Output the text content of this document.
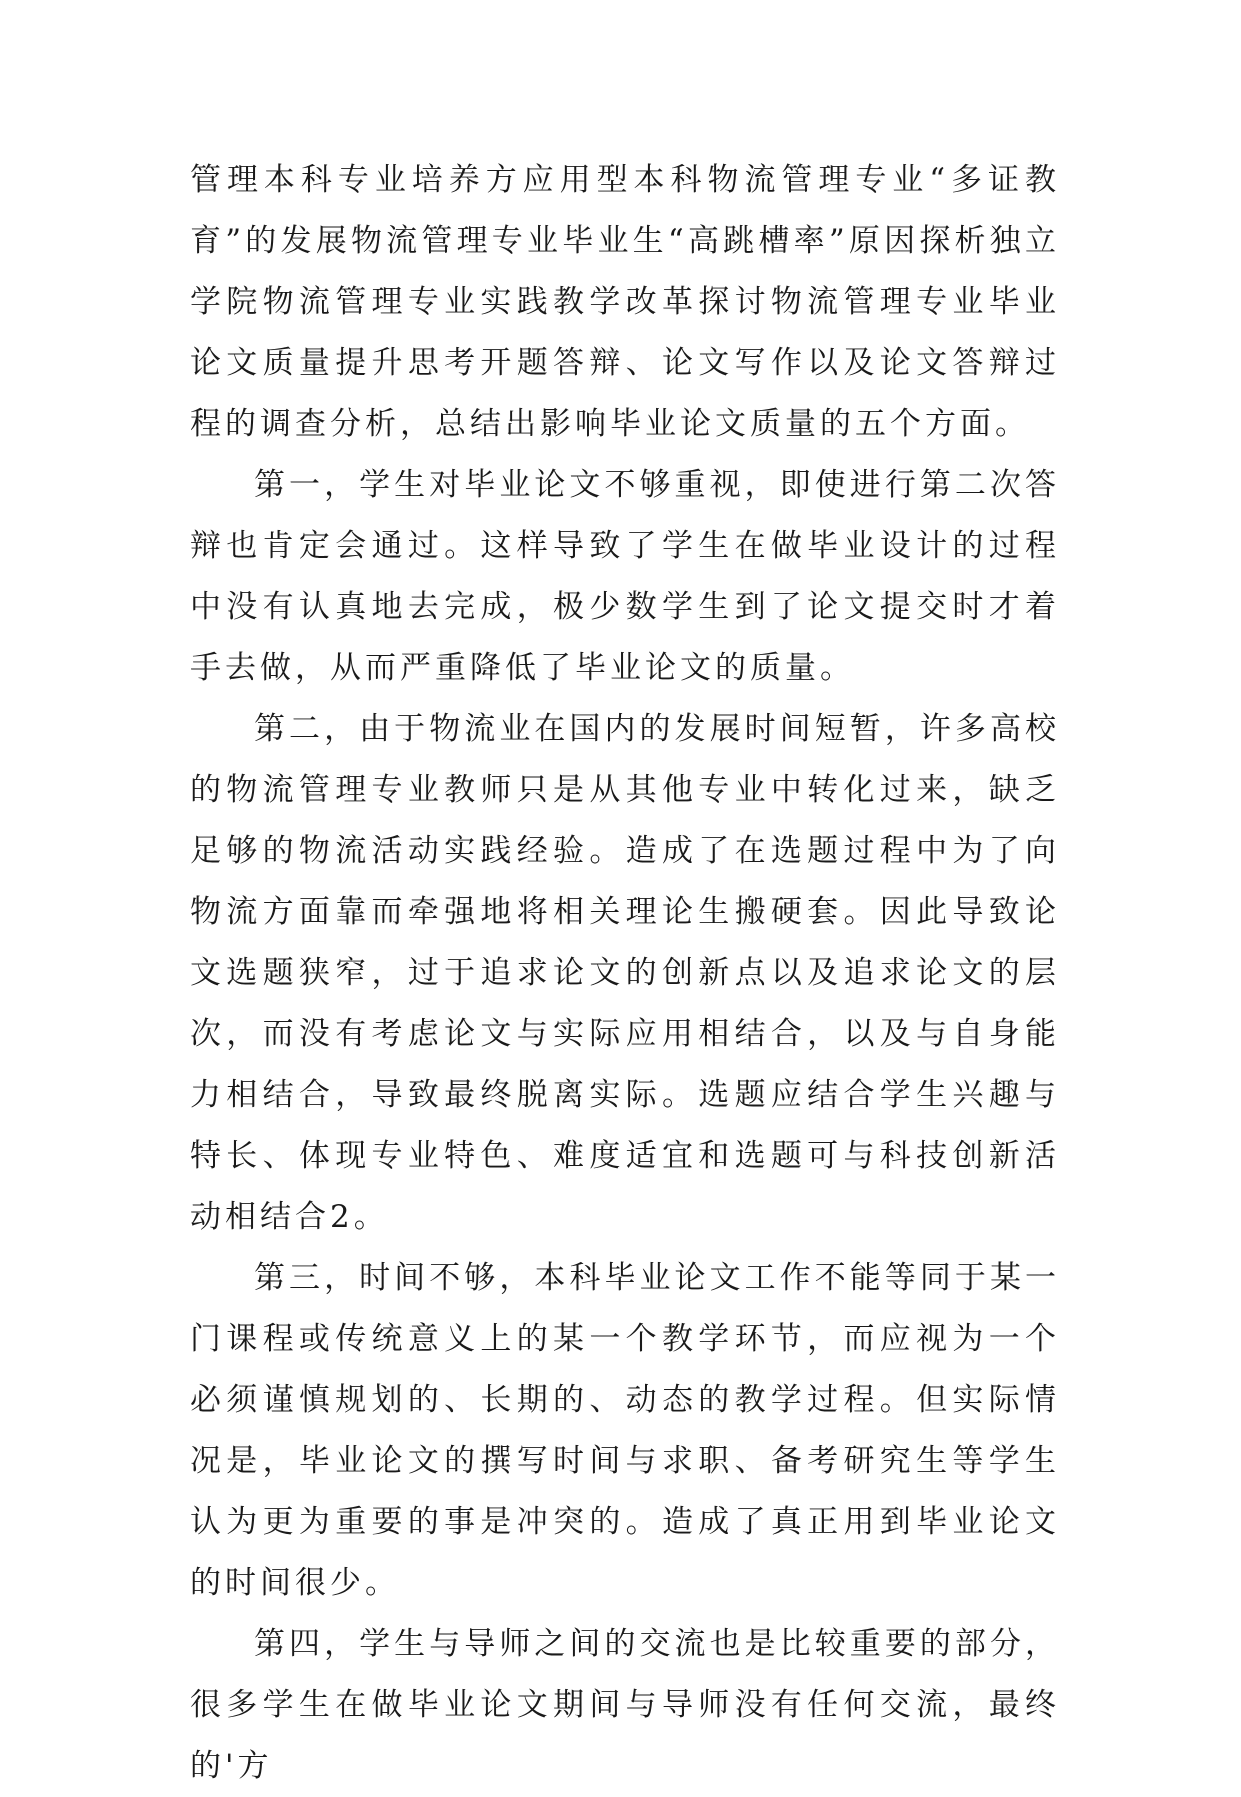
管理本科专业培养方应用型本科物流管理专业“多证教育”的发展物流管理专业毕业生“高跳槽率”原因探析独立学院物流管理专业实践教学改革探讨物流管理专业毕业论文质量提升思考开题答辩、论文写作以及论文答辩过程的调查分析，总结出影响毕业论文质量的五个方面。

第一，学生对毕业论文不够重视，即使进行第二次答辩也肯定会通过。这样导致了学生在做毕业设计的过程中没有认真地去完成，极少数学生到了论文提交时才着手去做，从而严重降低了毕业论文的质量。

第二，由于物流业在国内的发展时间短暂，许多高校的物流管理专业教师只是从其他专业中转化过来，缺乏足够的物流活动实践经验。造成了在选题过程中为了向物流方面靠而牵强地将相关理论生搬硬套。因此导致论文选题狭窄，过于追求论文的创新点以及追求论文的层次，而没有考虑论文与实际应用相结合，以及与自身能力相结合，导致最终脱离实际。选题应结合学生兴趣与特长、体现专业特色、难度适宜和选题可与科技创新活动相结合2。

第三，时间不够，本科毕业论文工作不能等同于某一门课程或传统意义上的某一个教学环节，而应视为一个必须谨慎规划的、长期的、动态的教学过程。但实际情况是，毕业论文的撰写时间与求职、备考研究生等学生认为更为重要的事是冲突的。造成了真正用到毕业论文的时间很少。

第四，学生与导师之间的交流也是比较重要的部分，很多学生在做毕业论文期间与导师没有任何交流，最终的'方
